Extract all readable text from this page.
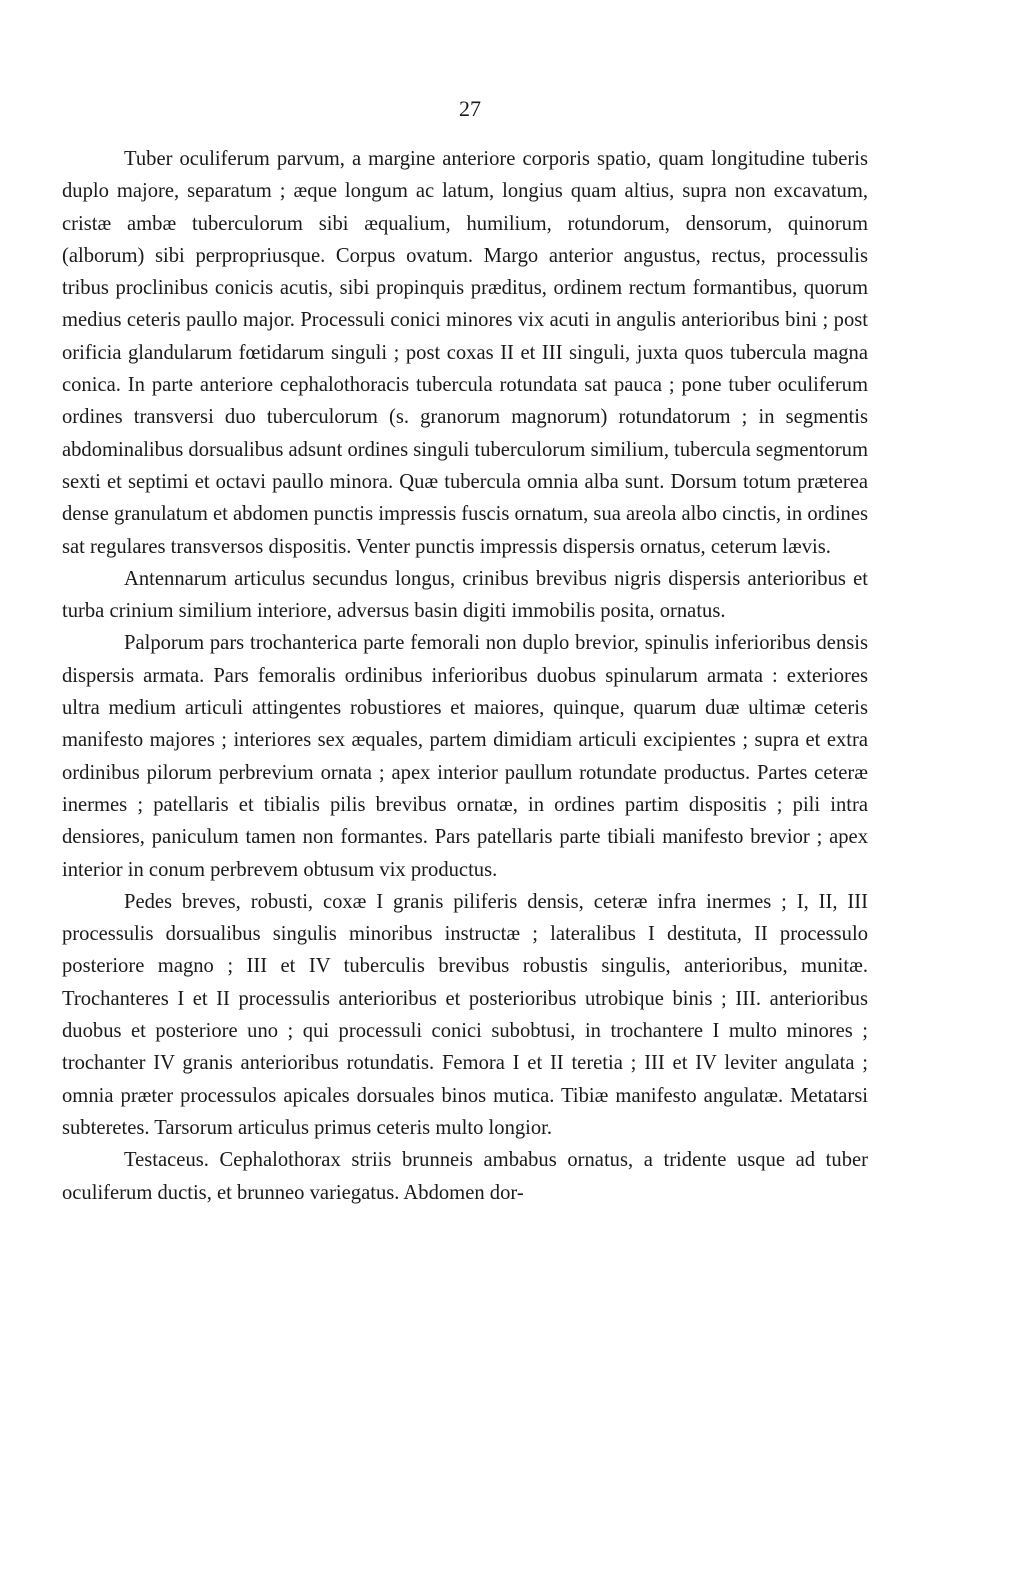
27

Tuber oculiferum parvum, a margine anteriore corporis spatio, quam longitudine tuberis duplo majore, separatum ; æque longum ac latum, longius quam altius, supra non excavatum, cristæ ambæ tuberculorum sibi æqualium, humilium, rotundorum, densorum, quinorum (alborum) sibi perpropriusque. Corpus ovatum. Margo anterior angustus, rectus, processulis tribus proclinibus conicis acutis, sibi propinquis præditus, ordinem rectum formantibus, quorum medius ceteris paullo major. Processuli conici minores vix acuti in angulis anterioribus bini ; post orificia glandularum fœtidarum singuli ; post coxas II et III singuli, juxta quos tubercula magna conica. In parte anteriore cephalothoracis tubercula rotundata sat pauca ; pone tuber oculiferum ordines transversi duo tuberculorum (s. granorum magnorum) rotundatorum ; in segmentis abdominalibus dorsualibus adsunt ordines singuli tuberculorum similium, tubercula segmentorum sexti et septimi et octavi paullo minora. Quæ tubercula omnia alba sunt. Dorsum totum præterea dense granulatum et abdomen punctis impressis fuscis ornatum, sua areola albo cinctis, in ordines sat regulares transversos dispositis. Venter punctis impressis dispersis ornatus, ceterum lævis.

Antennarum articulus secundus longus, crinibus brevibus nigris dispersis anterioribus et turba crinium similium interiore, adversus basin digiti immobilis posita, ornatus.

Palporum pars trochanterica parte femorali non duplo brevior, spinulis inferioribus densis dispersis armata. Pars femoralis ordinibus inferioribus duobus spinularum armata : exteriores ultra medium articuli attingentes robustiores et maiores, quinque, quarum duæ ultimæ ceteris manifesto majores ; interiores sex æquales, partem dimidiam articuli excipientes ; supra et extra ordinibus pilorum perbrevium ornata ; apex interior paullum rotundate productus. Partes ceteræ inermes ; patellaris et tibialis pilis brevibus ornatæ, in ordines partim dispositis ; pili intra densiores, paniculum tamen non formantes. Pars patellaris parte tibiali manifesto brevior ; apex interior in conum perbrevem obtusum vix productus.

Pedes breves, robusti, coxæ I granis piliferis densis, ceteræ infra inermes ; I, II, III processulis dorsualibus singulis minoribus instructæ ; lateralibus I destituta, II processulo posteriore magno ; III et IV tuberculis brevibus robustis singulis, anterioribus, munitæ. Trochanteres I et II processulis anterioribus et posterioribus utrobique binis ; III. anterioribus duobus et posteriore uno ; qui processuli conici subobtusi, in trochantere I multo minores ; trochanter IV granis anterioribus rotundatis. Femora I et II teretia ; III et IV leviter angulata ; omnia præter processulos apicales dorsuales binos mutica. Tibiæ manifesto angulatæ. Metatarsi subteretes. Tarsorum articulus primus ceteris multo longior.

Testaceus. Cephalothorax striis brunneis ambabus ornatus, a tridente usque ad tuber oculiferum ductis, et brunneo variegatus. Abdomen dor-
